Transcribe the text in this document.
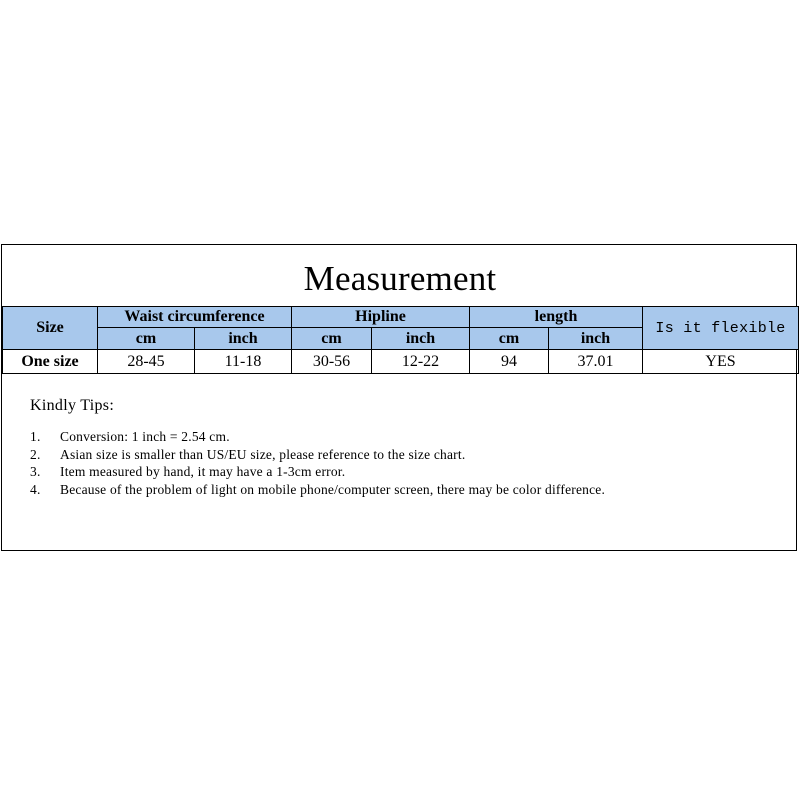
Measurement
Size	Waist circumference		Hipline		length		Is it flexible
	cm	inch	cm	inch	cm	inch	
One size	28-45	11-18	30-56	12-22	94	37.01	YES
Kindly Tips:
1.	Conversion: 1 inch = 2.54 cm.
2.	Asian size is smaller than US/EU size, please reference to the size chart.
3.	Item measured by hand, it may have a 1-3cm error.
4.	Because of the problem of light on mobile phone/computer screen, there may be color difference.
